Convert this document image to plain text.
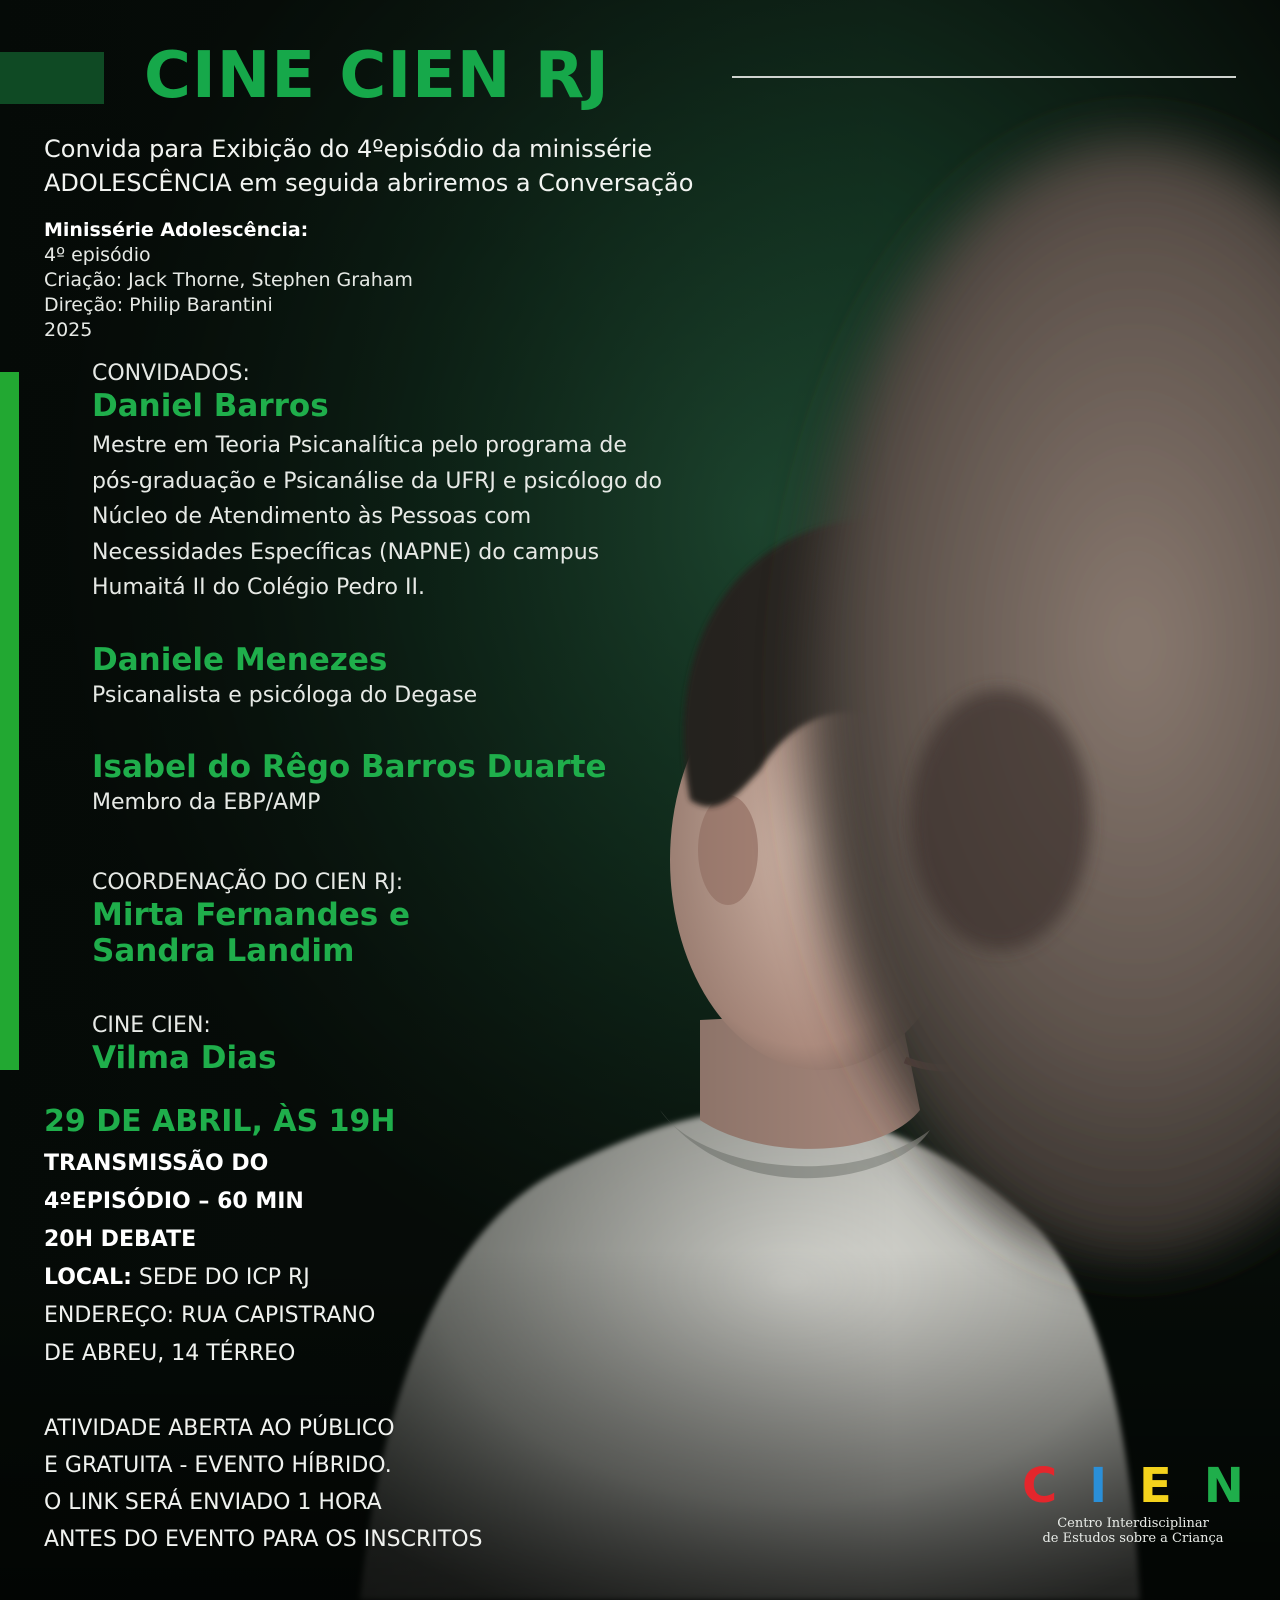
CINE CIEN RJ
Convida para Exibição do 4ºepisódio da minissérie
ADOLESCÊNCIA em seguida abriremos a Conversação
Minissérie Adolescência:
4º episódio
Criação: Jack Thorne, Stephen Graham
Direção: Philip Barantini
2025
CONVIDADOS:
Daniel Barros
Mestre em Teoria Psicanalítica pelo programa de
pós-graduação e Psicanálise da UFRJ e psicólogo do
Núcleo de Atendimento às Pessoas com
Necessidades Específicas (NAPNE) do campus
Humaitá II do Colégio Pedro II.
Daniele Menezes
Psicanalista e psicóloga do Degase
Isabel do Rêgo Barros Duarte
Membro da EBP/AMP
COORDENAÇÃO DO CIEN RJ:
Mirta Fernandes e
Sandra Landim
CINE CIEN:
Vilma Dias
29 DE ABRIL, ÀS 19H
TRANSMISSÃO DO
4ºEPISÓDIO – 60 MIN
20H DEBATE
LOCAL: SEDE DO ICP RJ
ENDEREÇO: RUA CAPISTRANO
DE ABREU, 14 TÉRREO
ATIVIDADE ABERTA AO PÚBLICO
E GRATUITA - EVENTO HÍBRIDO.
O LINK SERÁ ENVIADO 1 HORA
ANTES DO EVENTO PARA OS INSCRITOS
C I E N
Centro Interdisciplinar
de Estudos sobre a Criança
